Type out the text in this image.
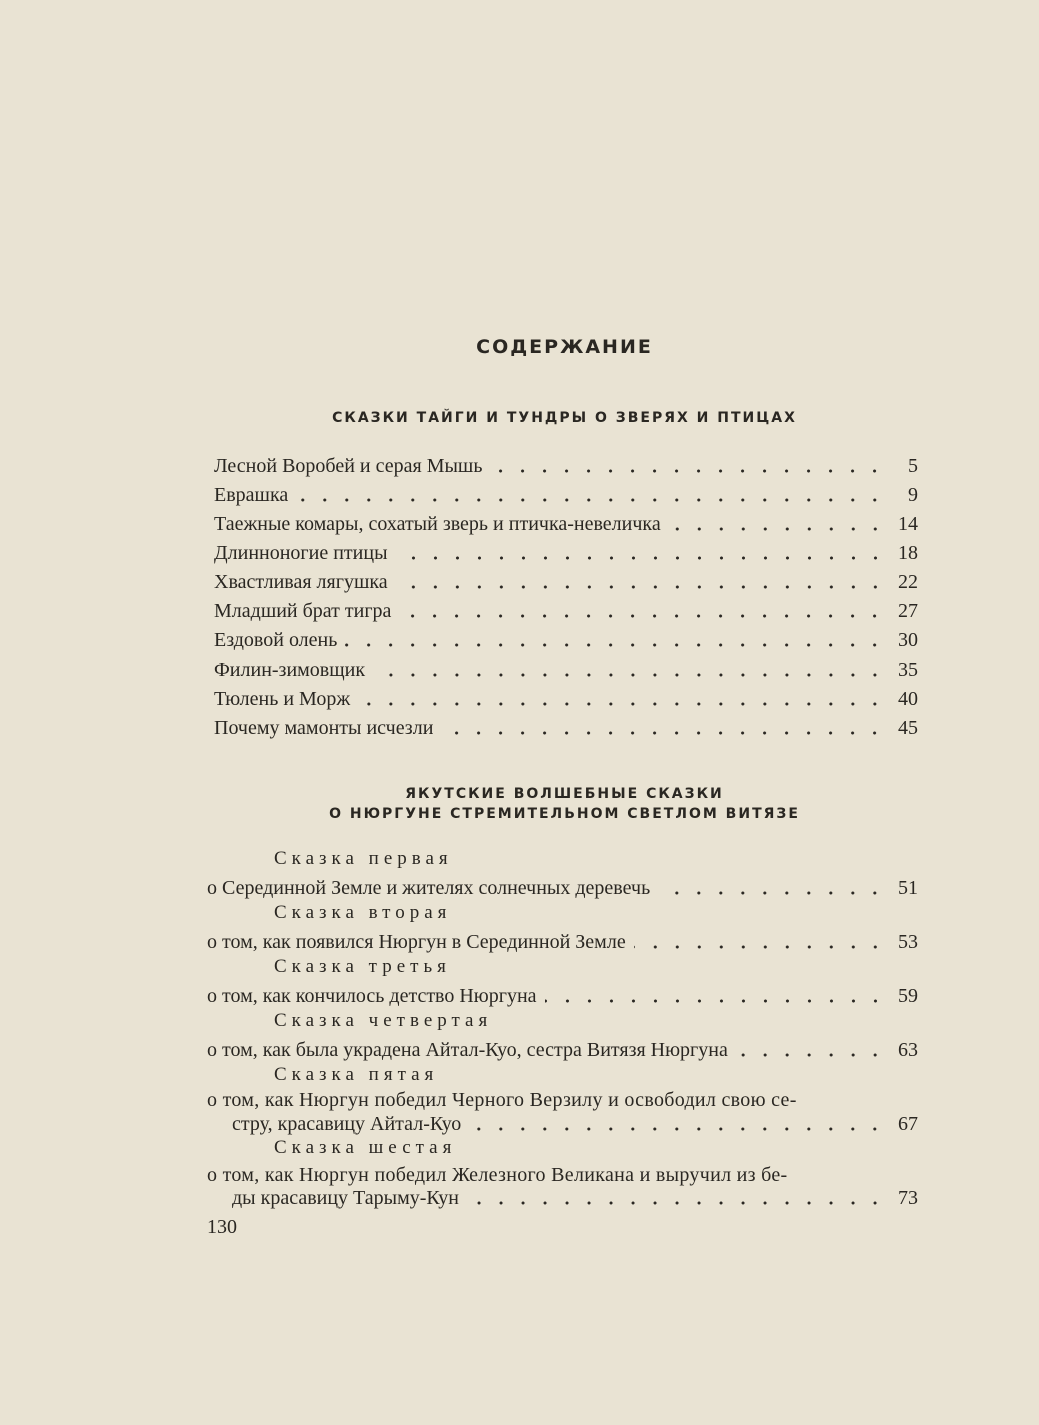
СОДЕРЖАНИЕ
СКАЗКИ ТАЙГИ И ТУНДРЫ О ЗВЕРЯХ И ПТИЦАХ
Лесной Воробей и серая Мышь	5
Еврашка	9
Таежные комары, сохатый зверь и птичка-невеличка	14
Длинноногие птицы	18
Хвастливая лягушка	22
Младший брат тигра	27
Ездовой олень	30
Филин-зимовщик	35
Тюлень и Морж	40
Почему мамонты исчезли	45
ЯКУТСКИЕ ВОЛШЕБНЫЕ СКАЗКИ
О НЮРГУНЕ СТРЕМИТЕЛЬНОМ СВЕТЛОМ ВИТЯЗЕ
Сказка первая
о Серединной Земле и жителях солнечных деревечь	51
Сказка вторая
о том, как появился Нюргун в Серединной Земле	53
Сказка третья
о том, как кончилось детство Нюргуна	59
Сказка четвертая
о том, как была украдена Айтал-Куо, сестра Витязя Нюргуна	63
Сказка пятая
о том, как Нюргун победил Черного Верзилу и освободил свою се-
стру, красавицу Айтал-Куо	67
Сказка шестая
о том, как Нюргун победил Железного Великана и выручил из бе-
ды красавицу Тарыму-Кун	73
130
